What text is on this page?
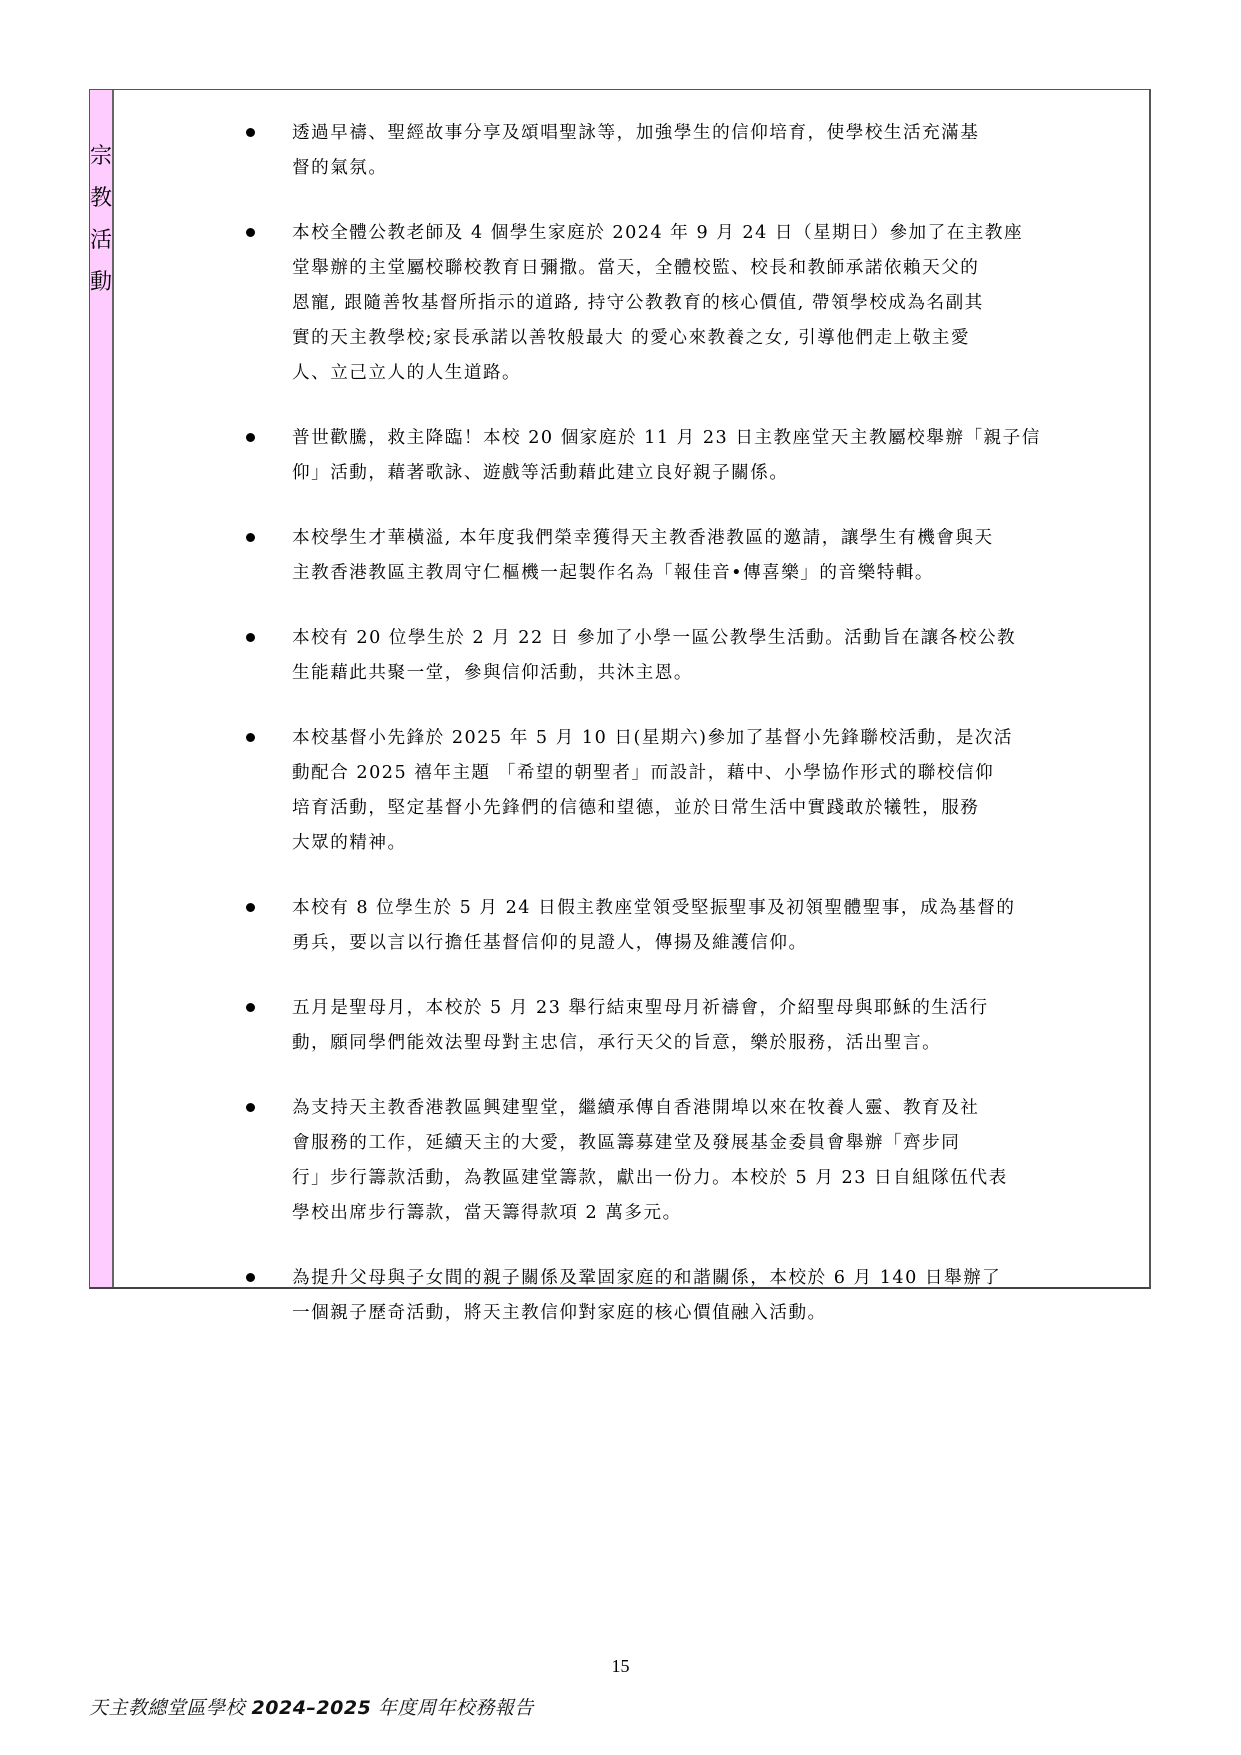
宗
教
活
動
透過早禱、聖經故事分享及頌唱聖詠等，加強學生的信仰培育，使學校生活充滿基
督的氣氛。
本校全體公教老師及 4 個學生家庭於 2024 年 9 月 24 日（星期日）參加了在主教座
堂舉辦的主堂屬校聯校教育日彌撒。當天，全體校監、校長和教師承諾依賴天父的
恩寵, 跟隨善牧基督所指示的道路, 持守公教教育的核心價值, 帶領學校成為名副其
實的天主教學校;家長承諾以善牧般最大 的愛心來教養之女, 引導他們走上敬主愛
人、立己立人的人生道路。
普世歡騰，救主降臨！本校 20 個家庭於 11 月 23 日主教座堂天主教屬校舉辦「親子信
仰」活動，藉著歌詠、遊戲等活動藉此建立良好親子關係。
本校學生才華橫溢, 本年度我們榮幸獲得天主教香港教區的邀請，讓學生有機會與天
主教香港教區主教周守仁樞機一起製作名為「報佳音•傳喜樂」的音樂特輯。
本校有 20 位學生於 2 月 22 日 參加了小學一區公教學生活動。活動旨在讓各校公教
生能藉此共聚一堂，參與信仰活動，共沐主恩。
本校基督小先鋒於 2025 年 5 月 10 日(星期六)參加了基督小先鋒聯校活動，是次活
動配合 2025 禧年主題 「希望的朝聖者」而設計，藉中、小學協作形式的聯校信仰
培育活動，堅定基督小先鋒們的信德和望德，並於日常生活中實踐敢於犧牲，服務
大眾的精神。
本校有 8 位學生於 5 月 24 日假主教座堂領受堅振聖事及初領聖體聖事，成為基督的
勇兵，要以言以行擔任基督信仰的見證人，傳揚及維護信仰。
五月是聖母月，本校於 5 月 23 舉行結束聖母月祈禱會，介紹聖母與耶穌的生活行
動，願同學們能效法聖母對主忠信，承行天父的旨意，樂於服務，活出聖言。
為支持天主教香港教區興建聖堂，繼續承傳自香港開埠以來在牧養人靈、教育及社
會服務的工作，延續天主的大愛，教區籌募建堂及發展基金委員會舉辦「齊步同
行」步行籌款活動，為教區建堂籌款，獻出一份力。本校於 5 月 23 日自組隊伍代表
學校出席步行籌款，當天籌得款項 2 萬多元。
為提升父母與子女間的親子關係及鞏固家庭的和諧關係，本校於 6 月 140 日舉辦了
一個親子歷奇活動，將天主教信仰對家庭的核心價值融入活動。
15
天主教總堂區學校 2024–2025 年度周年校務報告
